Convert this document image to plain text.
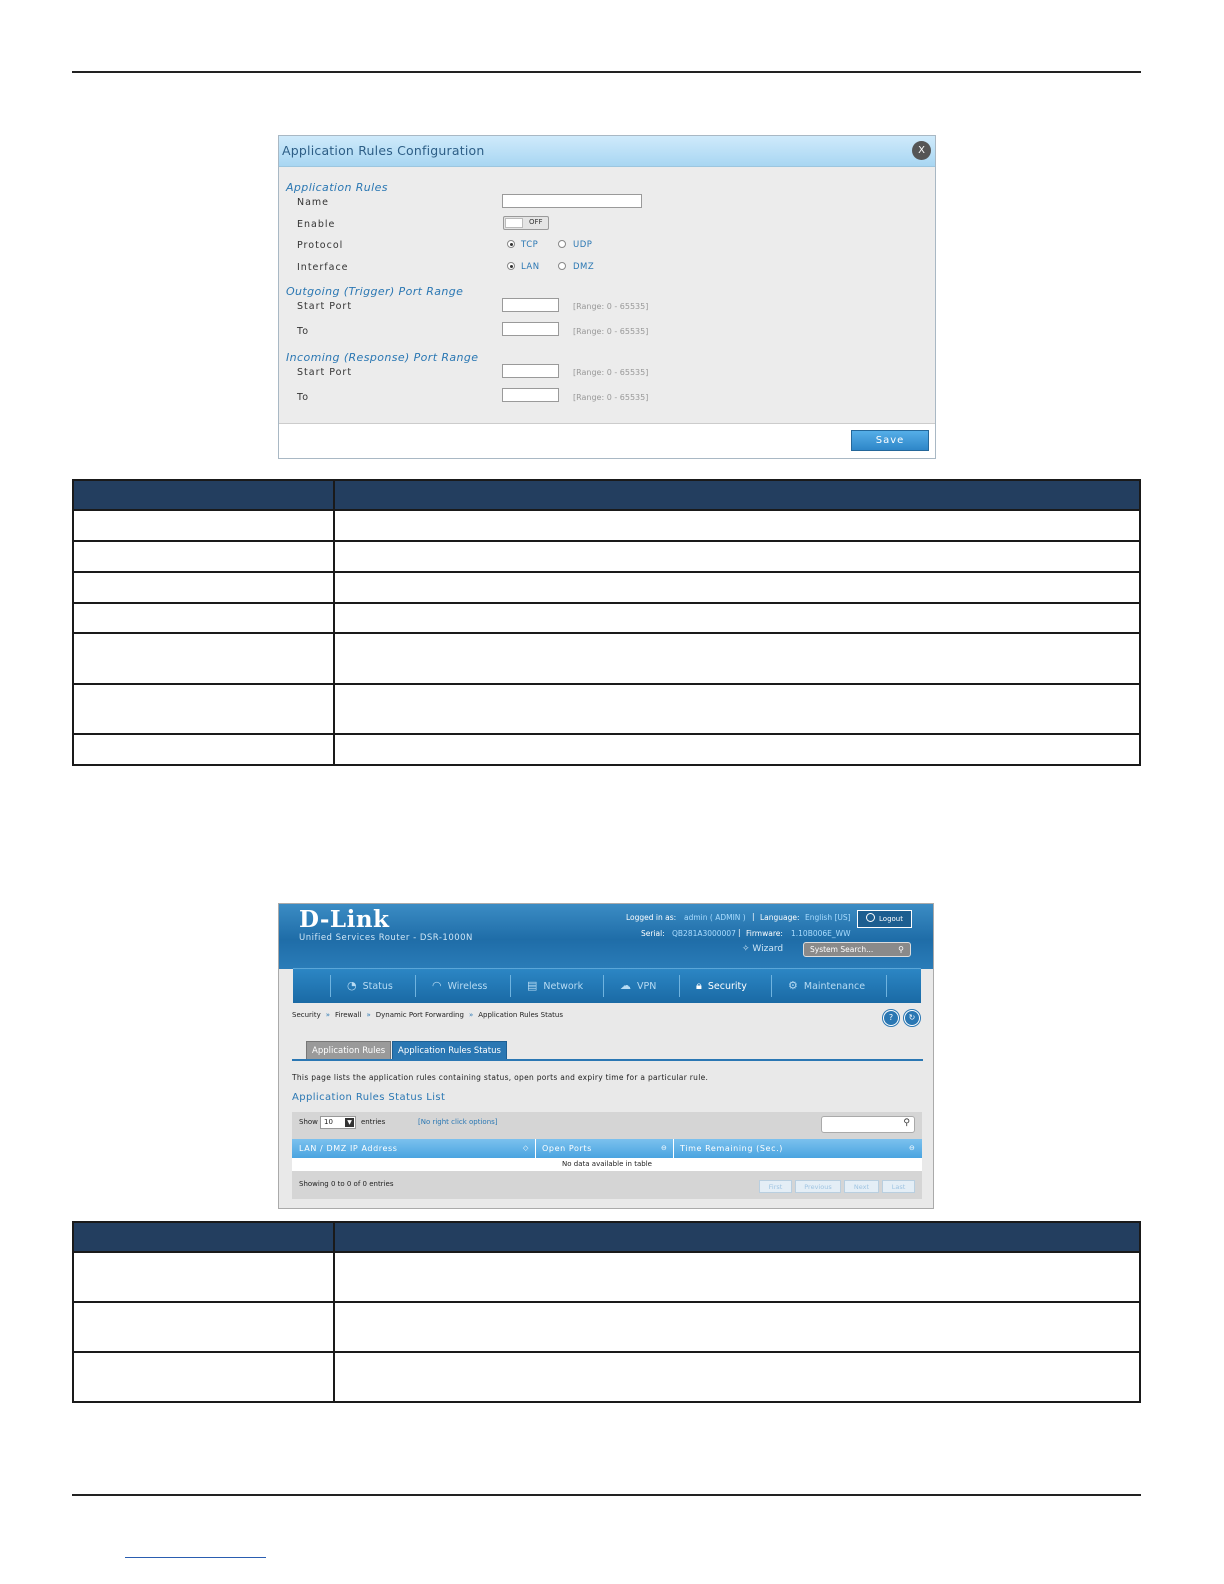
Application Rules Configuration	X
Application Rules
Name
Enable	OFF
Protocol	TCP	UDP
Interface	LAN	DMZ
Outgoing (Trigger) Port Range
Start Port	[Range: 0 - 65535]
To	[Range: 0 - 65535]
Incoming (Response) Port Range
Start Port	[Range: 0 - 65535]
To	[Range: 0 - 65535]
Save

D-Link
Unified Services Router - DSR-1000N
Logged in as: admin ( ADMIN ) | Language: English [US]	Logout
Serial: QB281A3000007 | Firmware: 1.10B006E_WW
✧ Wizard	System Search...	⚲
◔ Status	◠ Wireless	▤ Network	☁ VPN	🔒︎ Security	⚙ Maintenance
Security » Firewall » Dynamic Port Forwarding » Application Rules Status	?	↻
Application Rules	Application Rules Status
This page lists the application rules containing status, open ports and expiry time for a particular rule.
Application Rules Status List
Show 10	▼	entries	[No right click options]	⚲
LAN / DMZ IP Address	◇ Open Ports	⊖ Time Remaining (Sec.)	⊖
No data available in table
Showing 0 to 0 of 0 entries	First	Previous	Next	Last
